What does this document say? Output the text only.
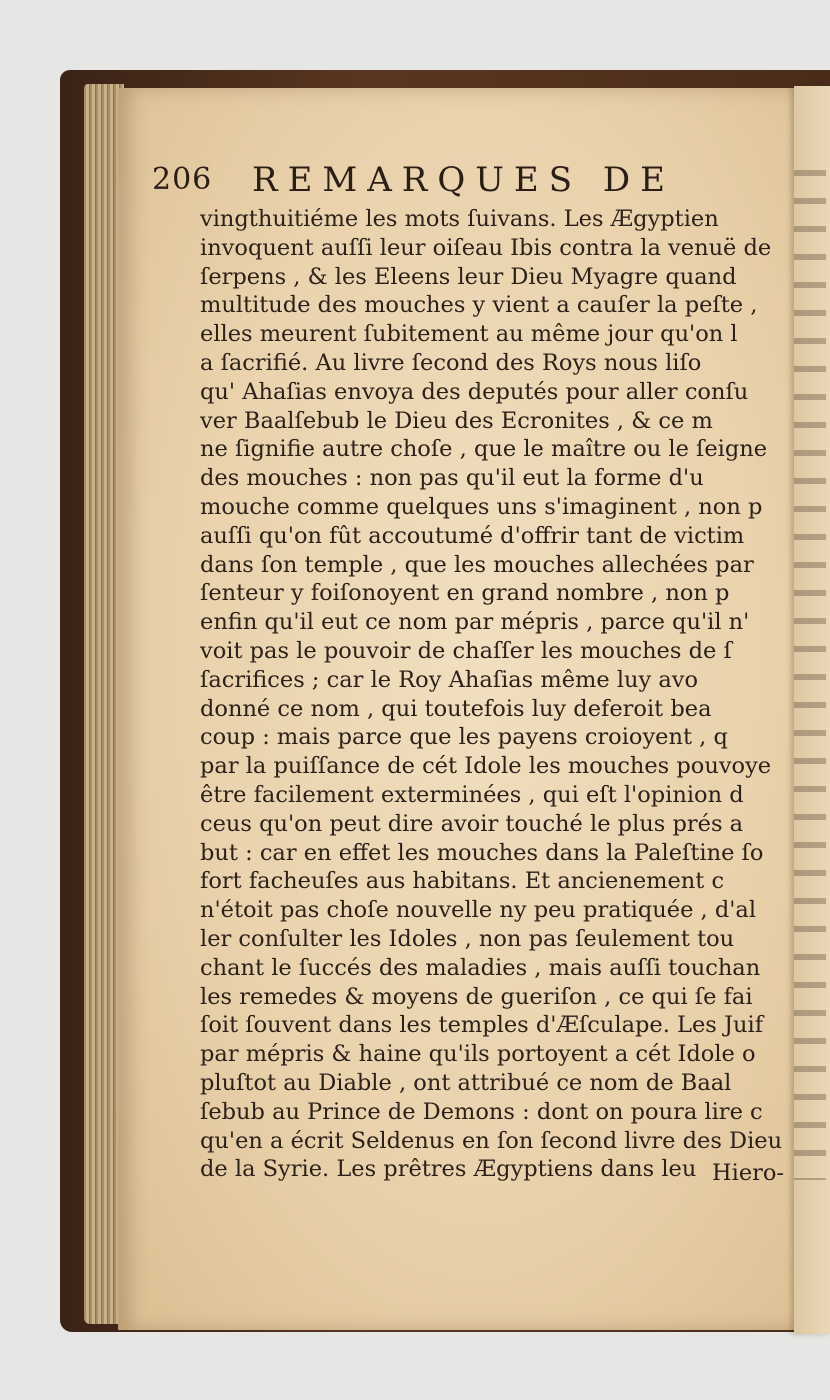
206 REMARQUES DE
vingthuitiéme les mots ſuivans. Les Ægyptien
invoquent auſſi leur oiſeau Ibis contra la venuë de
ſerpens , & les Eleens leur Dieu Myagre quand
multitude des mouches y vient a cauſer la peſte ,
elles meurent ſubitement au même jour qu'on l
a ſacrifié. Au livre ſecond des Roys nous liſo
qu' Ahaſias envoya des deputés pour aller conſu
ver Baalſebub le Dieu des Ecronites , & ce m
ne ſignifie autre choſe , que le maître ou le ſeigne
des mouches : non pas qu'il eut la forme d'u
mouche comme quelques uns s'imaginent , non p
auſſi qu'on fût accoutumé d'offrir tant de victim
dans ſon temple , que les mouches allechées par
ſenteur y foiſonoyent en grand nombre , non p
enfin qu'il eut ce nom par mépris , parce qu'il n'
voit pas le pouvoir de chaſſer les mouches de ſ
ſacrifices ; car le Roy Ahaſias même luy avo
donné ce nom , qui toutefois luy deferoit bea
coup : mais parce que les payens croioyent , q
par la puiſſance de cét Idole les mouches pouvoye
être facilement exterminées , qui eſt l'opinion d
ceus qu'on peut dire avoir touché le plus prés a
but : car en effet les mouches dans la Paleſtine ſo
fort facheuſes aus habitans. Et ancienement c
n'étoit pas choſe nouvelle ny peu pratiquée , d'al
ler conſulter les Idoles , non pas ſeulement tou
chant le ſuccés des maladies , mais auſſi touchan
les remedes & moyens de gueriſon , ce qui ſe fai
ſoit ſouvent dans les temples d'Æſculape. Les Juif
par mépris & haine qu'ils portoyent a cét Idole o
pluſtot au Diable , ont attribué ce nom de Baal
ſebub au Prince de Demons : dont on poura lire c
qu'en a écrit Seldenus en ſon ſecond livre des Dieu
de la Syrie. Les prêtres Ægyptiens dans leu Hiero-
